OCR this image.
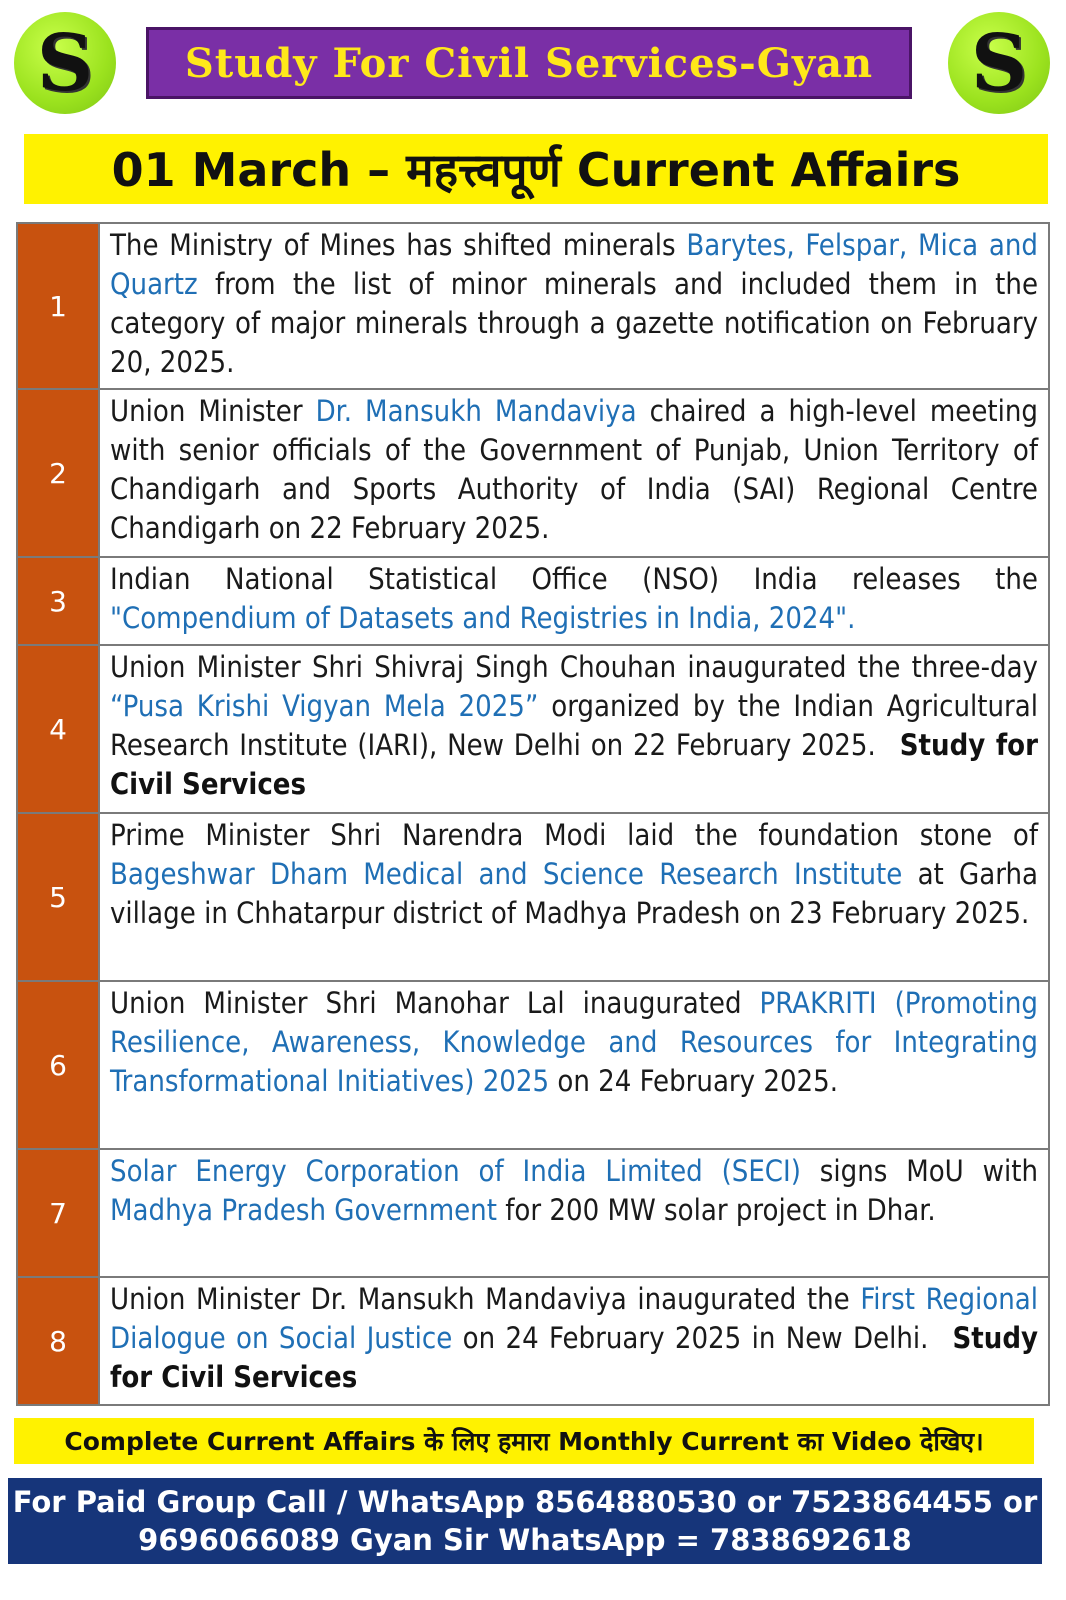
S	Study For Civil Services-Gyan	S
01 March – महत्त्वपूर्ण Current Affairs
1	The Ministry of Mines has shifted minerals Barytes, Felspar, Mica and Quartz from the list of minor minerals and included them in the category of major minerals through a gazette notification on February 20, 2025.
2	Union Minister Dr. Mansukh Mandaviya chaired a high-level meeting with senior officials of the Government of Punjab, Union Territory of Chandigarh and Sports Authority of India (SAI) Regional Centre Chandigarh on 22 February 2025.
3	Indian National Statistical Office (NSO) India releases the "Compendium of Datasets and Registries in India, 2024".
4	Union Minister Shri Shivraj Singh Chouhan inaugurated the three-day “Pusa Krishi Vigyan Mela 2025” organized by the Indian Agricultural Research Institute (IARI), New Delhi on 22 February 2025. Study for Civil Services
5	Prime Minister Shri Narendra Modi laid the foundation stone of Bageshwar Dham Medical and Science Research Institute at Garha village in Chhatarpur district of Madhya Pradesh on 23 February 2025.
6	Union Minister Shri Manohar Lal inaugurated PRAKRITI (Promoting Resilience, Awareness, Knowledge and Resources for Integrating Transformational Initiatives) 2025 on 24 February 2025.
7	Solar Energy Corporation of India Limited (SECI) signs MoU with Madhya Pradesh Government for 200 MW solar project in Dhar.
8	Union Minister Dr. Mansukh Mandaviya inaugurated the First Regional Dialogue on Social Justice on 24 February 2025 in New Delhi. Study for Civil Services
Complete Current Affairs के लिए हमारा Monthly Current का Video देखिए।
For Paid Group Call / WhatsApp 8564880530 or 7523864455 or
9696066089 Gyan Sir WhatsApp = 7838692618
